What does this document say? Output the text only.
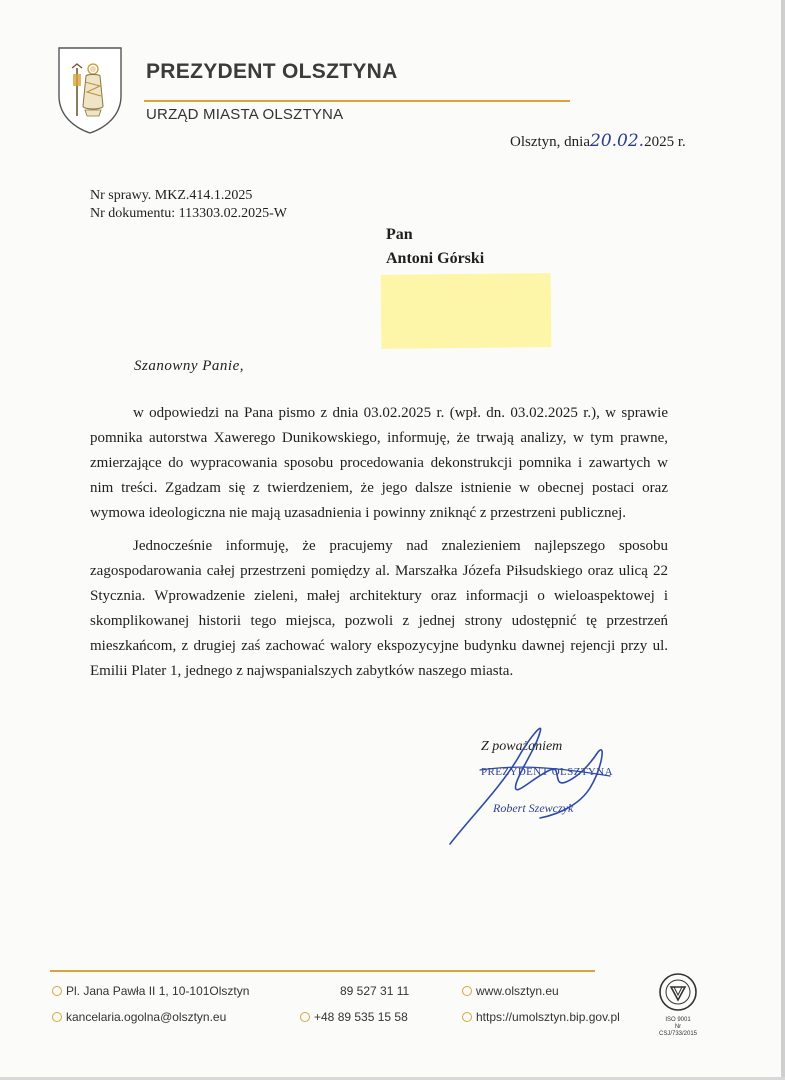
PREZYDENT OLSZTYNA
URZĄD MIASTA OLSZTYNA
Olsztyn, dnia20.02.2025 r.
Nr sprawy. MKZ.414.1.2025
Nr dokumentu: 113303.02.2025-W
Pan
Antoni Górski
Szanowny Panie,

w odpowiedzi na Pana pismo z dnia 03.02.2025 r. (wpł. dn. 03.02.2025 r.), w sprawie pomnika autorstwa Xawerego Dunikowskiego, informuję, że trwają analizy, w tym prawne, zmierzające do wypracowania sposobu procedowania dekonstrukcji pomnika i zawartych w nim treści. Zgadzam się z twierdzeniem, że jego dalsze istnienie w obecnej postaci oraz wymowa ideologiczna nie mają uzasadnienia i powinny zniknąć z przestrzeni publicznej.

Jednocześnie informuję, że pracujemy nad znalezieniem najlepszego sposobu zagospodarowania całej przestrzeni pomiędzy al. Marszałka Józefa Piłsudskiego oraz ulicą 22 Stycznia. Wprowadzenie zieleni, małej architektury oraz informacji o wieloaspektowej i skomplikowanej historii tego miejsca, pozwoli z jednej strony udostępnić tę przestrzeń mieszkańcom, z drugiej zaś zachować walory ekspozycyjne budynku dawnej rejencji przy ul. Emilii Plater 1, jednego z najwspanialszych zabytków naszego miasta.

Z poważaniem
PREZYDENT OLSZTYNA
Robert Szewczyk
Pl. Jana Pawła II 1, 10-101Olsztyn
kancelaria.ogolna@olsztyn.eu
89 527 31 11
+48 89 535 15 58
www.olsztyn.eu
https://umolsztyn.bip.gov.pl	ISO 9001
Nr CSJ/733/2015
